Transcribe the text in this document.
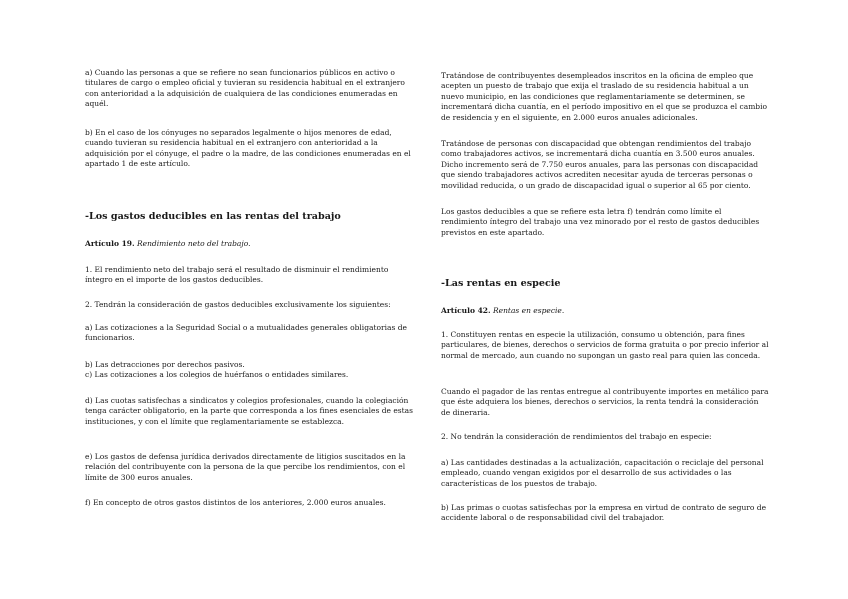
a) Cuando las personas a que se refiere no sean funcionarios públicos en activo o titulares de cargo o empleo oficial y tuvieran su residencia habitual en el extranjero con anterioridad a la adquisición de cualquiera de las condiciones enumeradas en aquél.

b) En el caso de los cónyuges no separados legalmente o hijos menores de edad, cuando tuvieran su residencia habitual en el extranjero con anterioridad a la adquisición por el cónyuge, el padre o la madre, de las condiciones enumeradas en el apartado 1 de este artículo.

-Los gastos deducibles en las rentas del trabajo

Artículo 19. Rendimiento neto del trabajo.

1. El rendimiento neto del trabajo será el resultado de disminuir el rendimiento íntegro en el importe de los gastos deducibles.

2. Tendrán la consideración de gastos deducibles exclusivamente los siguientes:

a) Las cotizaciones a la Seguridad Social o a mutualidades generales obligatorias de funcionarios.

b) Las detracciones por derechos pasivos.

c) Las cotizaciones a los colegios de huérfanos o entidades similares.

d) Las cuotas satisfechas a sindicatos y colegios profesionales, cuando la colegiación tenga carácter obligatorio, en la parte que corresponda a los fines esenciales de estas instituciones, y con el límite que reglamentariamente se establezca.

e) Los gastos de defensa jurídica derivados directamente de litigios suscitados en la relación del contribuyente con la persona de la que percibe los rendimientos, con el límite de 300 euros anuales.

f) En concepto de otros gastos distintos de los anteriores, 2.000 euros anuales.

Tratándose de contribuyentes desempleados inscritos en la oficina de empleo que acepten un puesto de trabajo que exija el traslado de su residencia habitual a un nuevo municipio, en las condiciones que reglamentariamente se determinen, se incrementará dicha cuantía, en el período impositivo en el que se produzca el cambio de residencia y en el siguiente, en 2.000 euros anuales adicionales.

Tratándose de personas con discapacidad que obtengan rendimientos del trabajo como trabajadores activos, se incrementará dicha cuantía en 3.500 euros anuales. Dicho incremento será de 7.750 euros anuales, para las personas con discapacidad que siendo trabajadores activos acrediten necesitar ayuda de terceras personas o movilidad reducida, o un grado de discapacidad igual o superior al 65 por ciento.

Los gastos deducibles a que se refiere esta letra f) tendrán como límite el rendimiento íntegro del trabajo una vez minorado por el resto de gastos deducibles previstos en este apartado.

-Las rentas en especie

Artículo 42. Rentas en especie.

1. Constituyen rentas en especie la utilización, consumo u obtención, para fines particulares, de bienes, derechos o servicios de forma gratuita o por precio inferior al normal de mercado, aun cuando no supongan un gasto real para quien las conceda.

Cuando el pagador de las rentas entregue al contribuyente importes en metálico para que éste adquiera los bienes, derechos o servicios, la renta tendrá la consideración de dineraria.

2. No tendrán la consideración de rendimientos del trabajo en especie:

a) Las cantidades destinadas a la actualización, capacitación o reciclaje del personal empleado, cuando vengan exigidos por el desarrollo de sus actividades o las características de los puestos de trabajo.

b) Las primas o cuotas satisfechas por la empresa en virtud de contrato de seguro de accidente laboral o de responsabilidad civil del trabajador.
